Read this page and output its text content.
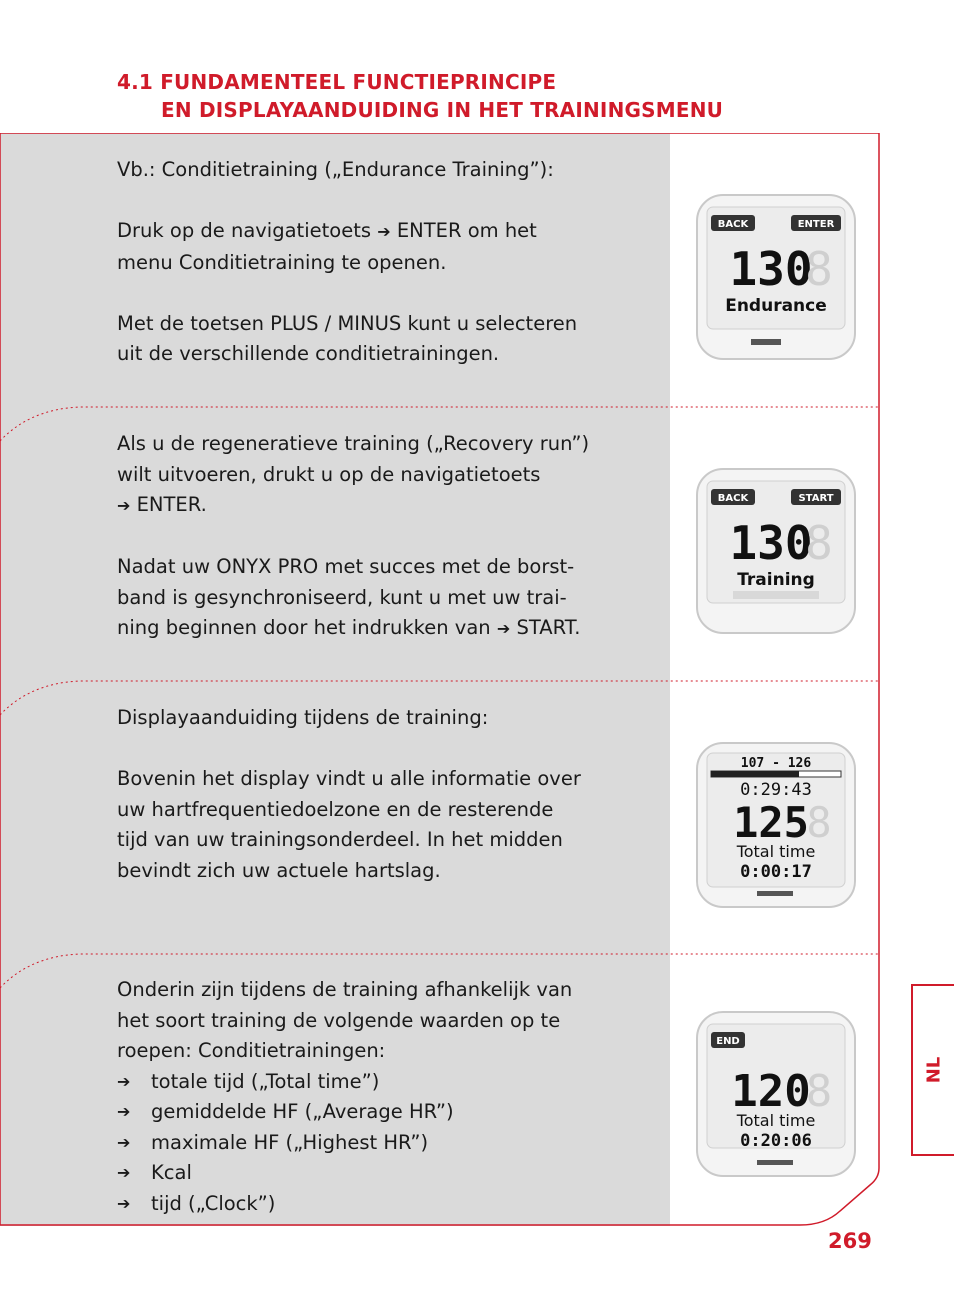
4.1 FUNDAMENTEEL FUNCTIEPRINCIPE
EN DISPLAYAANDUIDING IN HET TRAININGSMENU

Vb.: Conditietraining („Endurance Training”):

Druk op de navigatietoets ➔ ENTER om het

menu Conditietraining te openen.

Met de toetsen PLUS / MINUS kunt u selecteren

uit de verschillende conditietrainingen.

BACK	ENTER
130
8
Endurance

Als u de regeneratieve training („Recovery run”)

wilt uitvoeren, drukt u op de navigatietoets

➔ ENTER.

Nadat uw ONYX PRO met succes met de borst-

band is gesynchroniseerd, kunt u met uw trai-

ning beginnen door het indrukken van ➔ START.

BACK	START
130
8
Training

Displayaanduiding tijdens de training:

Bovenin het display vindt u alle informatie over

uw hartfrequentiedoelzone en de resterende

tijd van uw trainingsonderdeel. In het midden

bevindt zich uw actuele hartslag.

107 - 126
0:29:43
125
8
Total time
0:00:17

Onderin zijn tijdens de training afhankelijk van

het soort training de volgende waarden op te

roepen: Conditietrainingen:

➔	totale tijd („Total time”)
➔	gemiddelde HF („Average HR”)
➔	maximale HF („Highest HR”)
➔	Kcal
➔	tijd („Clock”)
END
120
8
Total time
0:20:06
NL
269
